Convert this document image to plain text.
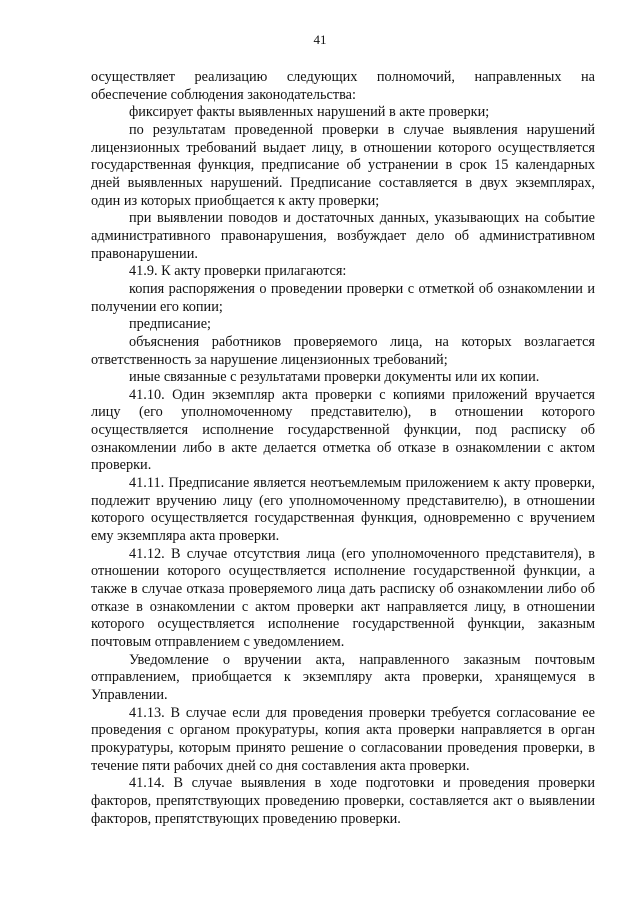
41

осуществляет реализацию следующих полномочий, направленных на обеспечение соблюдения законодательства:

фиксирует факты выявленных нарушений в акте проверки;

по результатам проведенной проверки в случае выявления нарушений лицензионных требований выдает лицу, в отношении которого осуществляется государственная функция, предписание об устранении в срок 15 календарных дней выявленных нарушений. Предписание составляется в двух экземплярах, один из которых приобщается к акту проверки;

при выявлении поводов и достаточных данных, указывающих на событие административного правонарушения, возбуждает дело об административном правонарушении.

41.9. К акту проверки прилагаются:

копия распоряжения о проведении проверки с отметкой об ознакомлении и получении его копии;

предписание;

объяснения работников проверяемого лица, на которых возлагается ответственность за нарушение лицензионных требований;

иные связанные с результатами проверки документы или их копии.

41.10. Один экземпляр акта проверки с копиями приложений вручается лицу (его уполномоченному представителю), в отношении которого осуществляется исполнение государственной функции, под расписку об ознакомлении либо в акте делается отметка об отказе в ознакомлении с актом проверки.

41.11. Предписание является неотъемлемым приложением к акту проверки, подлежит вручению лицу (его уполномоченному представителю), в отношении которого осуществляется государственная функция, одновременно с вручением ему экземпляра акта проверки.

41.12. В случае отсутствия лица (его уполномоченного представителя), в отношении которого осуществляется исполнение государственной функции, а также в случае отказа проверяемого лица дать расписку об ознакомлении либо об отказе в ознакомлении с актом проверки акт направляется лицу, в отношении которого осуществляется исполнение государственной функции, заказным почтовым отправлением с уведомлением.

Уведомление о вручении акта, направленного заказным почтовым отправлением, приобщается к экземпляру акта проверки, хранящемуся в Управлении.

41.13. В случае если для проведения проверки требуется согласование ее проведения с органом прокуратуры, копия акта проверки направляется в орган прокуратуры, которым принято решение о согласовании проведения проверки, в течение пяти рабочих дней со дня составления акта проверки.

41.14. В случае выявления в ходе подготовки и проведения проверки факторов, препятствующих проведению проверки, составляется акт о выявлении факторов, препятствующих проведению проверки.
